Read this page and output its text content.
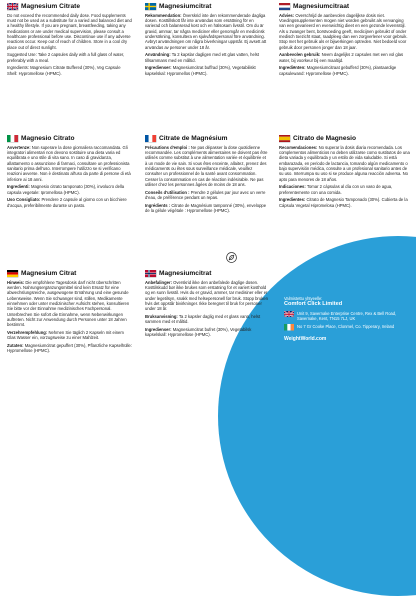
Magnesium Citrate

Do not exceed the recommended daily dose. Food supplements must not be used as a substitute for a varied and balanced diet and a healthy lifestyle. If you are pregnant, breastfeeding, taking any medications or are under medical supervision, please consult a healthcare professional before use. Discontinue use if any adverse reactions occur. Keep out of reach of children. Store in a cool dry place out of direct sunlight.

Suggested Use: Take 2 capsules daily with a full glass of water, preferably with a meal.

Ingredients: Magnesium Citrate Buffered (30%), Veg Capsule Shell: Hypromellose (HPMC).

Magnesio Citrato

Avvertenze: Non superare la dose giornaliera raccomandata. Gli integratori alimentari non devono sostituire una dieta varia ed equilibrata e uno stile di vita sano. In caso di gravidanza, allattamento o assunzione di farmaci, consultare un professionista sanitario prima dell'uso. Interrompere l'utilizzo se si verificano reazioni avverse. Non è destinato all'uso da parte di persone di età inferiore ai 18 anni.

Ingredienti: Magnesio citrato tamponato (30%), involucro della capsula vegetale: Ipromellosa (HPMC).

Uso Consigliato: Prendere 2 capsule al giorno con un bicchiere d'acqua, preferibilmente durante un pasto.

Magnesium Citrat

Hinweis: Die empfohlene Tagesdosis darf nicht überschritten werden. Nahrungsergänzungsmittel sind kein Ersatz für eine abwechslungsreiche, ausgewogene Ernährung und eine gesunde Lebensweise. Wenn Sie schwanger sind, stillen, Medikamente einnehmen oder unter medizinischer Aufsicht stehen, konsultieren Sie bitte vor der Einnahme medizinisches Fachpersonal. Unterbrechen Sie sofort die Einnahme, wenn Nebenwirkungen auftreten. Nicht zur Anwendung durch Personen unter 18 Jahren bestimmt.

Verzehrempfehlung: Nehmen Sie täglich 2 Kapseln mit einem Glas Wasser ein, vorzugsweise zu einer Mahlzeit.

Zutaten: Magnesiumcitrat gepuffert (30%), Pflanzliche Kapselhülle: Hypromellose (HPMC).

Magnesiumcitrat

Rekommendation: Överskrid inte den rekommenderade dagliga dosen. Kosttillskott får inte användas som ersättning för en varierad och balanserad kost och en hälsosam livsstil. Om du är gravid, ammar, tar några mediciner eller genomgår en medicinsk undersökning, konsultera en sjukvårdspersonal före användning. Avbryt användningen om några biverkningar uppstår. Ej avsett att användas av personer under 18 år.

Användning: Ta 2 kapslar dagligen med ett glas vatten, helst tillsammans med en måltid.

Ingredienser: Magnesiumcitrat buffrad (30%), Vegetabiliskt kapselskal: Hypromellos (HPMC).

Citrate de Magnésium

Précautions d'emploi : Ne pas dépasser la dose quotidienne recommandée. Les compléments alimentaires ne doivent pas être utilisés comme substitut à une alimentation variée et équilibrée et à un mode de vie sain. Si vous êtes enceinte, allaitez, prenez des médicaments ou êtes sous surveillance médicale, veuillez consulter un professionnel de la santé avant consommation. Cesser la consommation en cas de réaction indésirable. Ne pas utiliser chez les personnes âgées de moins de 18 ans.

Conseils d'utilisation : Prendre 2 gélules par jour avec un verre d'eau, de préférence pendant un repas.

Ingrédients : Citrate de Magnésium tamponné (30%), enveloppe de la gélule végétale : Hypromellose (HPMC).

Magnesiumcitrat

Anbefalinger: Overskrid ikke den anbefalede daglige dosen. Kosttilskudd bør ikke brukes som erstatning for et variert kosthold og en sunn livsstil. Hvis du er gravid, ammer, tar medisiner eller er under legetilsyn, snakk med helsepersonell før bruk. Stopp bruken hvis det oppstår bivirkninger. Ikke beregnet til bruk for personer under 18 år.

Bruksanvisning: Ta 2 kapsler daglig med et glass vann, helst sammen med et måltid.

Ingredienser: Magnesiumcitrat bufret (30%), Vegetabilsk kapselskall: Hypromellose (HPMC).

Magnesiumcitraat

Advies: Overschrijd de aanbevolen dagelijkse dosis niet. Voedingssupplementen mogen niet worden gebruikt als vervanging van een gevarieerd en evenwichtig dieet en een gezonde levensstijl. Als u zwanger bent, borstvoeding geeft, medicijnen gebruikt of onder medisch toezicht staat, raadpleeg dan een zorgverlener voor gebruik. Stop met het gebruik als er bijwerkingen optreden. Niet bedoeld voor gebruik door personen jonger dan 18 jaar.

Aanbevolen gebruik: Neem dagelijks 2 capsules met een vol glas water, bij voorkeur bij een maaltijd.

Ingrediënten: Magnesiumcitraat gebufferd (30%), plantaardige capsulewand: Hypromellose (HPMC).

Citrato de Magnesio

Recomendaciones: No superar la dosis diaria recomendada. Los complementos alimenticios no deben utilizarse como sustitutos de una dieta variada y equilibrada y un estilo de vida saludable. Si está embarazada, en periodo de lactancia, tomando algún medicamento o bajo supervisión médica, consulte a un profesional sanitario antes de su uso. Interrumpa su uso si se produce alguna reacción adversa. No apto para menores de 18 años.

Indicaciones: Tomar 2 cápsulas al día con un vaso de agua, preferentemente con una comida.

Ingredientes: Citrato de Magnesio Tamponado (30%). Cubierta de la Cápsula Vegetal Hipromelosa (HPMC).

Valmistettu yhtyeelle:
Comfort Click Limited
Unit 9, Savernake Enterprise Centre, Rex & Bell Road, Savernake, Kent, TN15 7LJ, UK
No 7 Gr Cooke Place, Clonmel, Co. Tipperary, Ireland
WeightWorld.com
